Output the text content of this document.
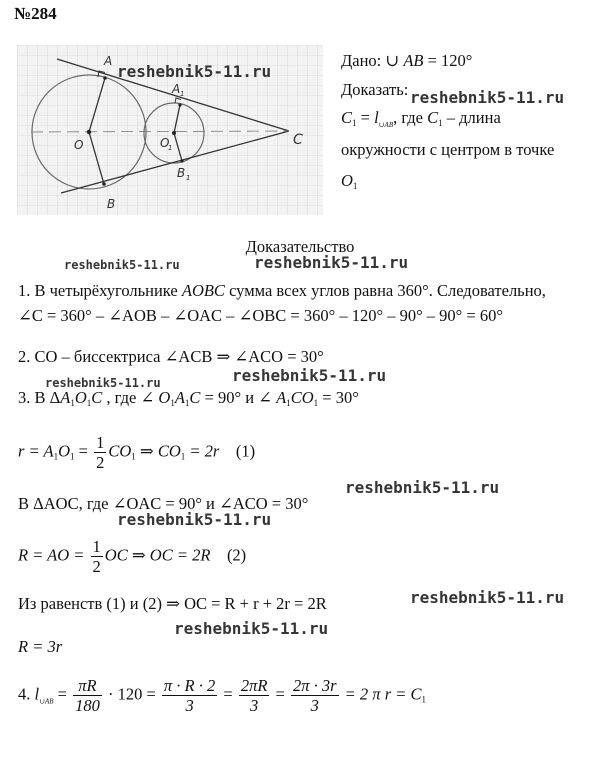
№284
A
O
B
C
A 1
O
1
B 1
Дано: ∪ AB = 120°
Доказать:
$C_1 = l_{\cup AB}$, где $C_1$ – длина
окружности с центром в точке
$O_1$
Доказательство
1. В четырёхугольнике AOBC сумма всех углов равна 360°. Следовательно,
∠C = 360° – ∠AOB – ∠OAC – ∠OBC = 360° – 120° – 90° – 90° = 60°
2. CO – биссектриса ∠ACB ⇒ ∠ACO = 30°
3. В $\Delta A_1O_1C$ , где ∠ $O_1A_1C = 90^\circ$ и ∠ $A_1CO_1 = 30^\circ$
$r = A_1O_1 = \frac{1}{2} CO_1$ ⇒ $CO_1 = 2r$ (1)
В ΔAOC, где ∠OAC = 90° и ∠ACO = 30°
R = AO = $\frac{1}{2}$ OC ⇒ OC = 2R (2)
Из равенств (1) и (2) ⇒ OC = R + r + 2r = 2R
R = 3r
4. $l_{\cup AB} = \frac{\pi R}{180} \cdot 120 = \frac{\pi \cdot R \cdot 2}{3} = \frac{2\pi R}{3} = \frac{2\pi \cdot 3r}{3} = 2$ π $r = C_1$
reshebnik5-11.ru
reshebnik5-11.ru
reshebnik5-11.ru	reshebnik5-11.ru
reshebnik5-11.ru	reshebnik5-11.ru
reshebnik5-11.ru
reshebnik5-11.ru
reshebnik5-11.ru
reshebnik5-11.ru
